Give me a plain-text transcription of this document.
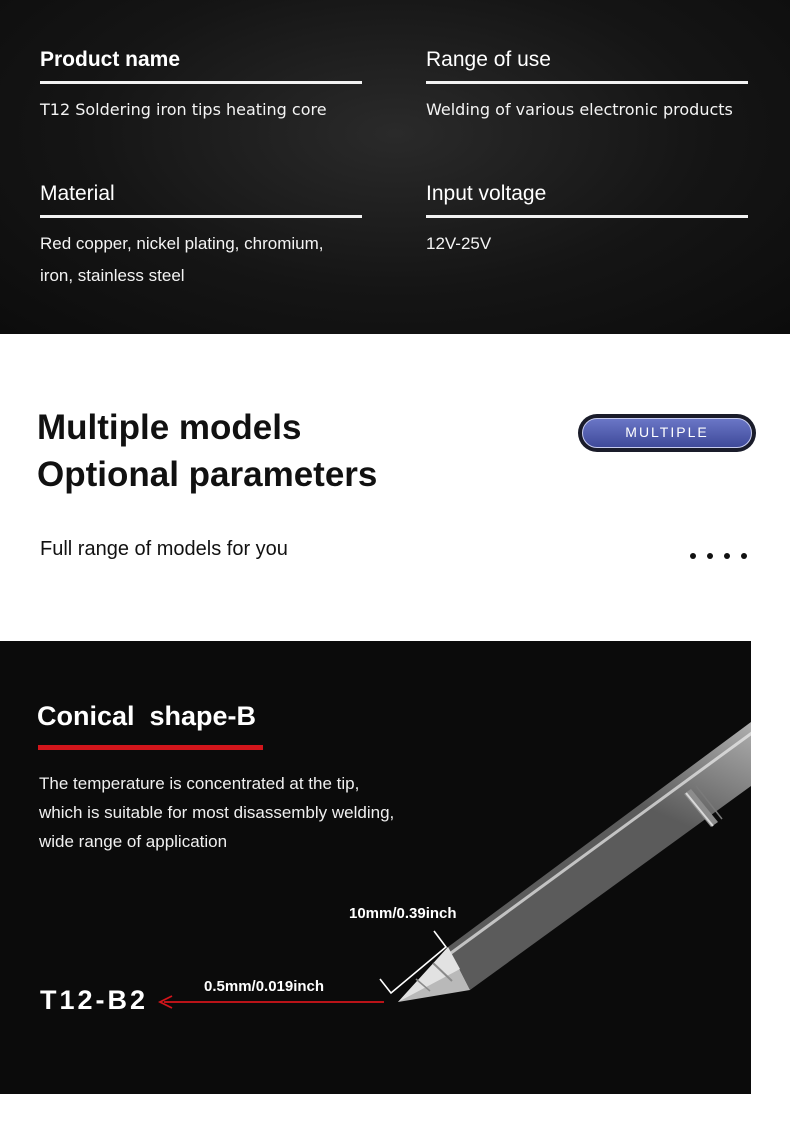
Product name
T12 Soldering iron tips heating core
Range of use
Welding of various electronic products
Material
Red copper, nickel plating, chromium,
iron, stainless steel
Input voltage
12V-25V
Multiple models
Optional parameters
MULTIPLE
Full range of models for you
Conical  shape-B
The temperature is concentrated at the tip,
which is suitable for most disassembly welding,
wide range of application
10mm/0.39inch
0.5mm/0.019inch
T12-B2
